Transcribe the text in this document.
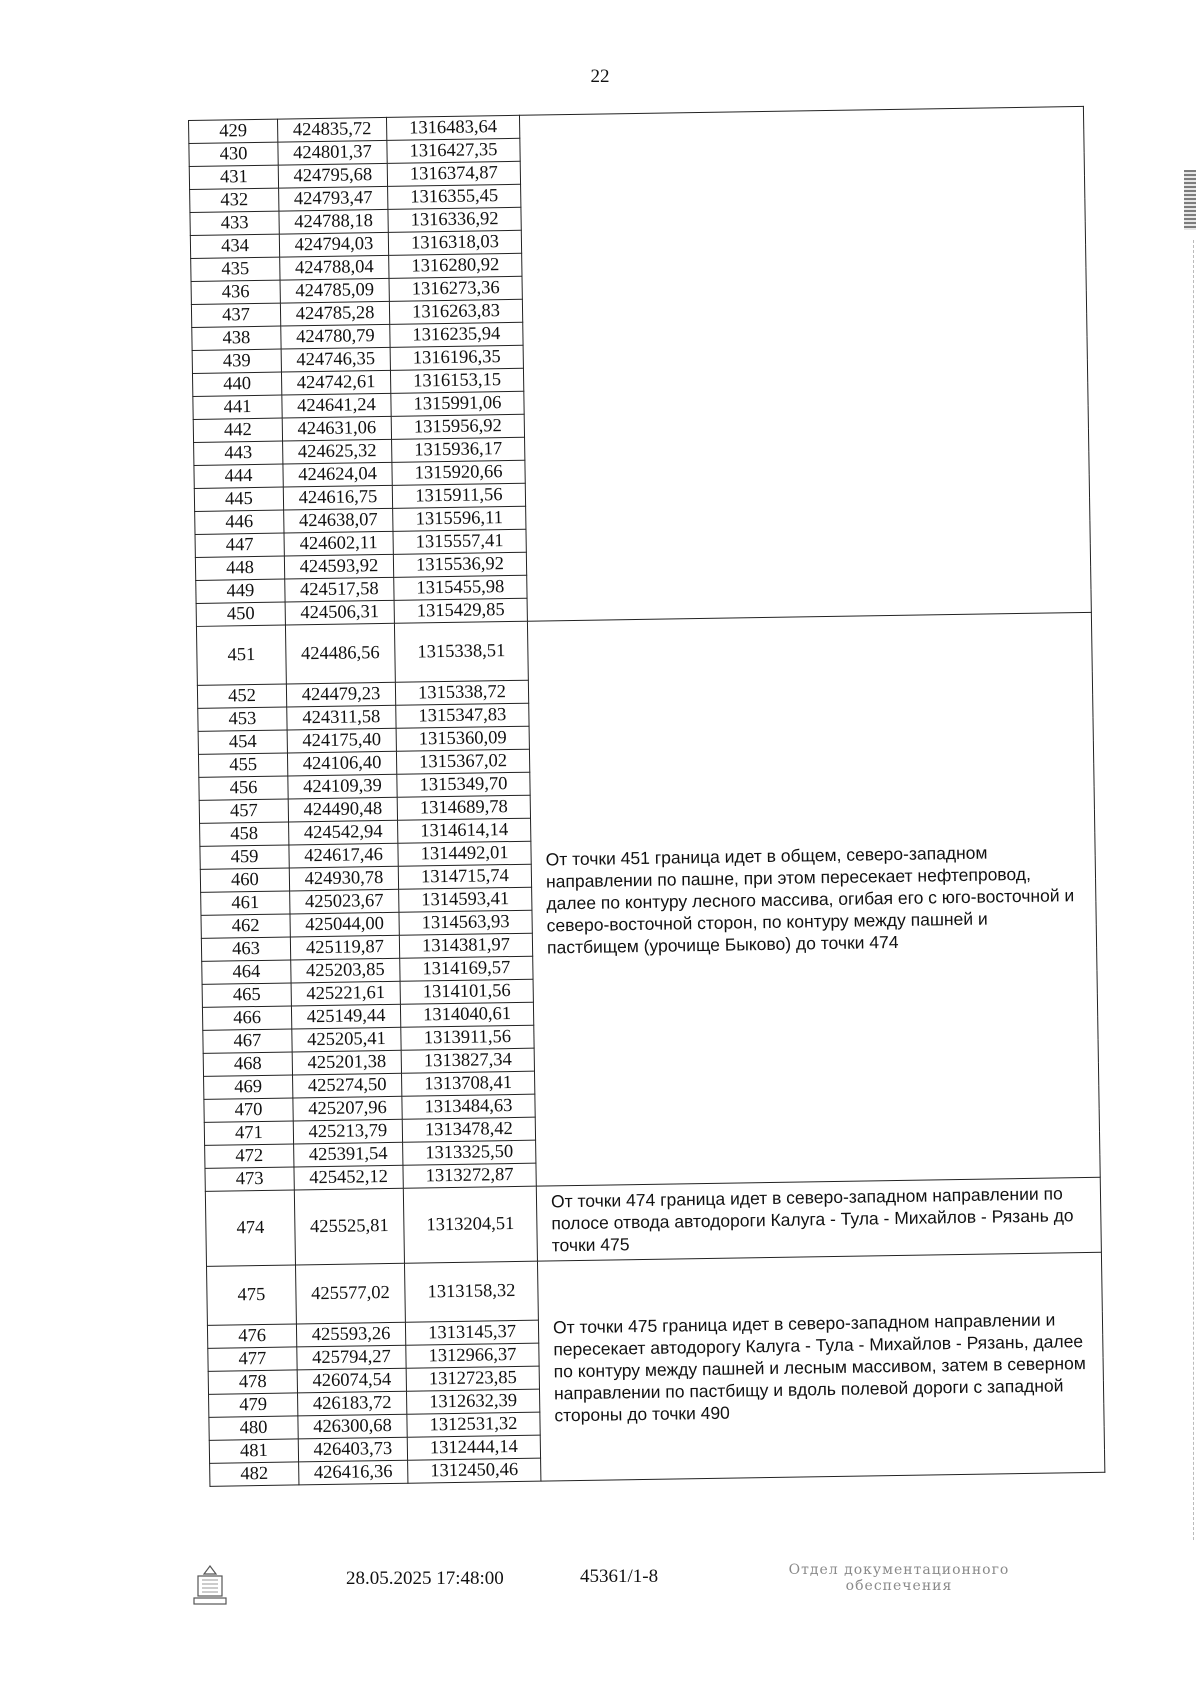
22
429	424835,72	1316483,64	
430	424801,37	1316427,35	
431	424795,68	1316374,87	
432	424793,47	1316355,45	
433	424788,18	1316336,92	
434	424794,03	1316318,03	
435	424788,04	1316280,92	
436	424785,09	1316273,36	
437	424785,28	1316263,83	
438	424780,79	1316235,94	
439	424746,35	1316196,35	
440	424742,61	1316153,15	
441	424641,24	1315991,06	
442	424631,06	1315956,92	
443	424625,32	1315936,17	
444	424624,04	1315920,66	
445	424616,75	1315911,56	
446	424638,07	1315596,11	
447	424602,11	1315557,41	
448	424593,92	1315536,92	
449	424517,58	1315455,98	
450	424506,31	1315429,85	
451	424486,56	1315338,51	От точки 451 граница идет в общем, северо-западном направлении по пашне, при этом пересекает нефтепровод, далее по контуру лесного массива, огибая его с юго-восточной и северо-восточной сторон, по контуру между пашней и пастбищем (урочище Быково) до точки 474
452	424479,23	1315338,72	
453	424311,58	1315347,83	
454	424175,40	1315360,09	
455	424106,40	1315367,02	
456	424109,39	1315349,70	
457	424490,48	1314689,78	
458	424542,94	1314614,14	
459	424617,46	1314492,01	
460	424930,78	1314715,74	
461	425023,67	1314593,41	
462	425044,00	1314563,93	
463	425119,87	1314381,97	
464	425203,85	1314169,57	
465	425221,61	1314101,56	
466	425149,44	1314040,61	
467	425205,41	1313911,56	
468	425201,38	1313827,34	
469	425274,50	1313708,41	
470	425207,96	1313484,63	
471	425213,79	1313478,42	
472	425391,54	1313325,50	
473	425452,12	1313272,87	
474	425525,81	1313204,51	От точки 474 граница идет в северо-западном направлении по полосе отвода автодороги Калуга - Тула - Михайлов - Рязань до точки 475
475	425577,02	1313158,32	От точки 475 граница идет в северо-западном направлении и пересекает автодорогу Калуга - Тула - Михайлов - Рязань, далее по контуру между пашней и лесным массивом, затем в северном направлении по пастбищу и вдоль полевой дороги с западной стороны до точки 490
476	425593,26	1313145,37	
477	425794,27	1312966,37	
478	426074,54	1312723,85	
479	426183,72	1312632,39	
480	426300,68	1312531,32	
481	426403,73	1312444,14	
482	426416,36	1312450,46	
28.05.2025 17:48:00	45361/1-8	Отдел документационного
обеспечения
